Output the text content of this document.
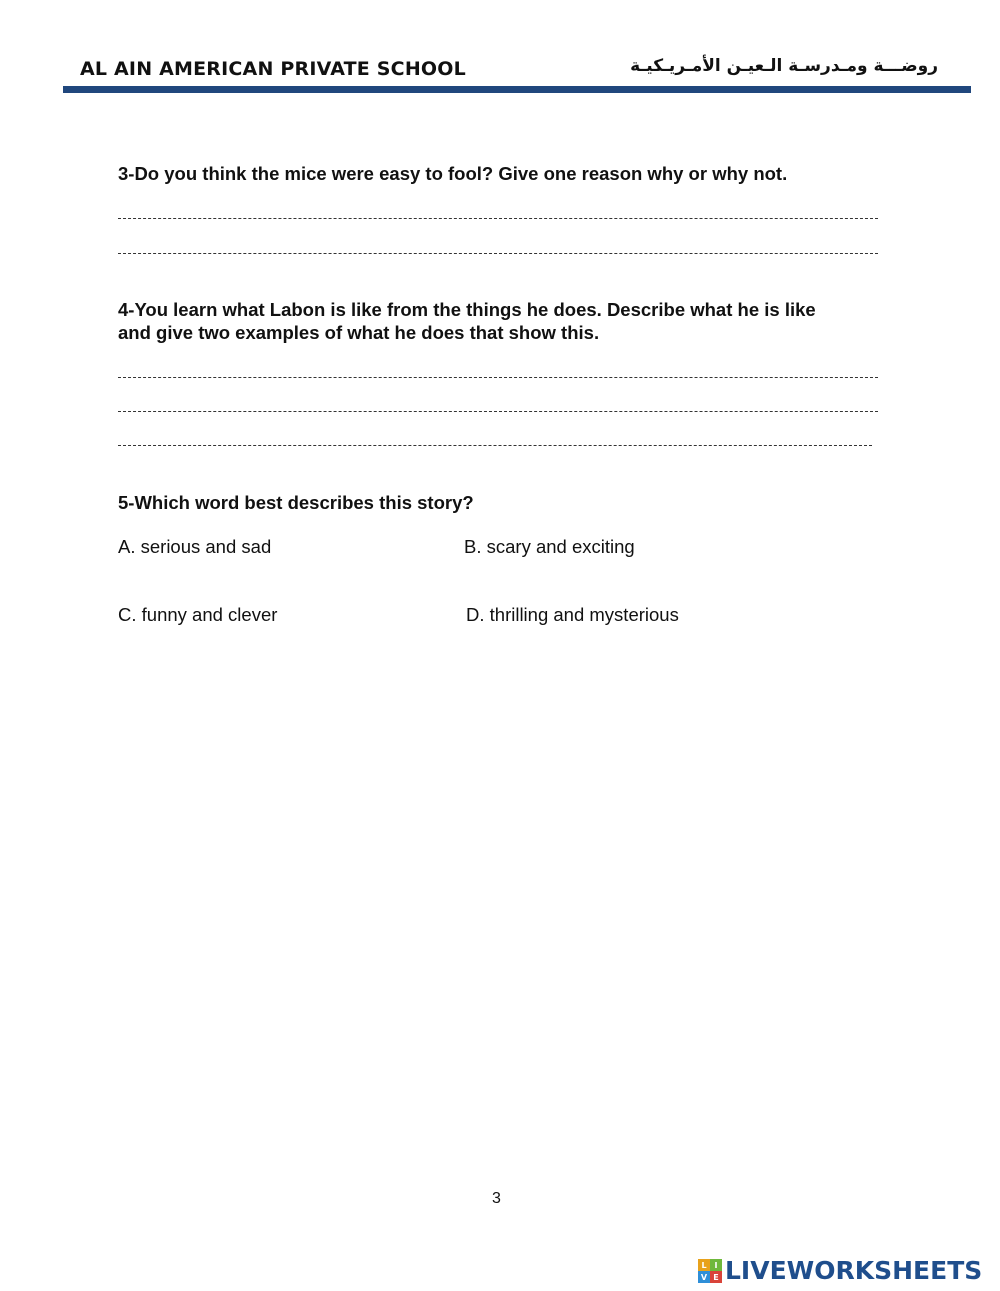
AL AIN AMERICAN PRIVATE SCHOOL	روضـــة ومـدرسـة الـعيـن الأمـريـكيـة
3-Do you think the mice were easy to fool? Give one reason why or why not.
4-You learn what Labon is like from the things he does. Describe what he is like and give two examples of what he does that show this.
5-Which word best describes this story?
A. serious and sad	B. scary and exciting
C. funny and clever	D. thrilling and mysterious
3
L I
V E LIVEWORKSHEETS
